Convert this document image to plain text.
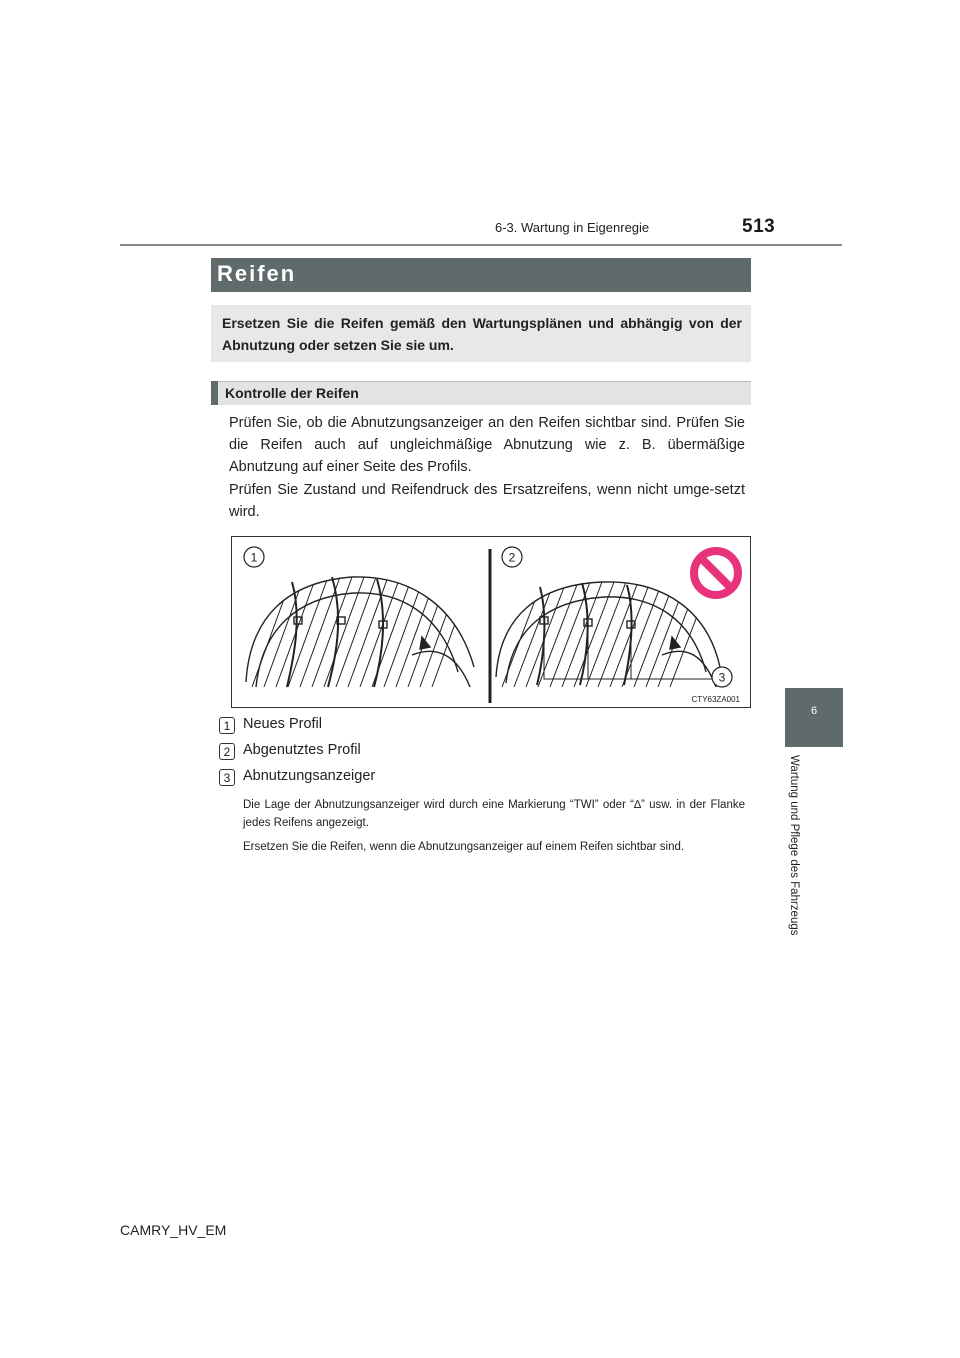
6-3. Wartung in Eigenregie	513
Reifen
Ersetzen Sie die Reifen gemäß den Wartungsplänen und abhängig von der Abnutzung oder setzen Sie sie um.
Kontrolle der Reifen
Prüfen Sie, ob die Abnutzungsanzeiger an den Reifen sichtbar sind. Prüfen Sie die Reifen auch auf ungleichmäßige Abnutzung wie z. B. übermäßige Abnutzung auf einer Seite des Profils.
Prüfen Sie Zustand und Reifendruck des Ersatzreifens, wenn nicht umge-setzt wird.
1	2
3
CTY63ZA001
1 Neues Profil
2 Abgenutztes Profil
3 Abnutzungsanzeiger
Die Lage der Abnutzungsanzeiger wird durch eine Markierung “TWI” oder “∆” usw. in der Flanke jedes Reifens angezeigt.
Ersetzen Sie die Reifen, wenn die Abnutzungsanzeiger auf einem Reifen sichtbar sind.
6
Wartung und Pflege des Fahrzeugs
CAMRY_HV_EM
